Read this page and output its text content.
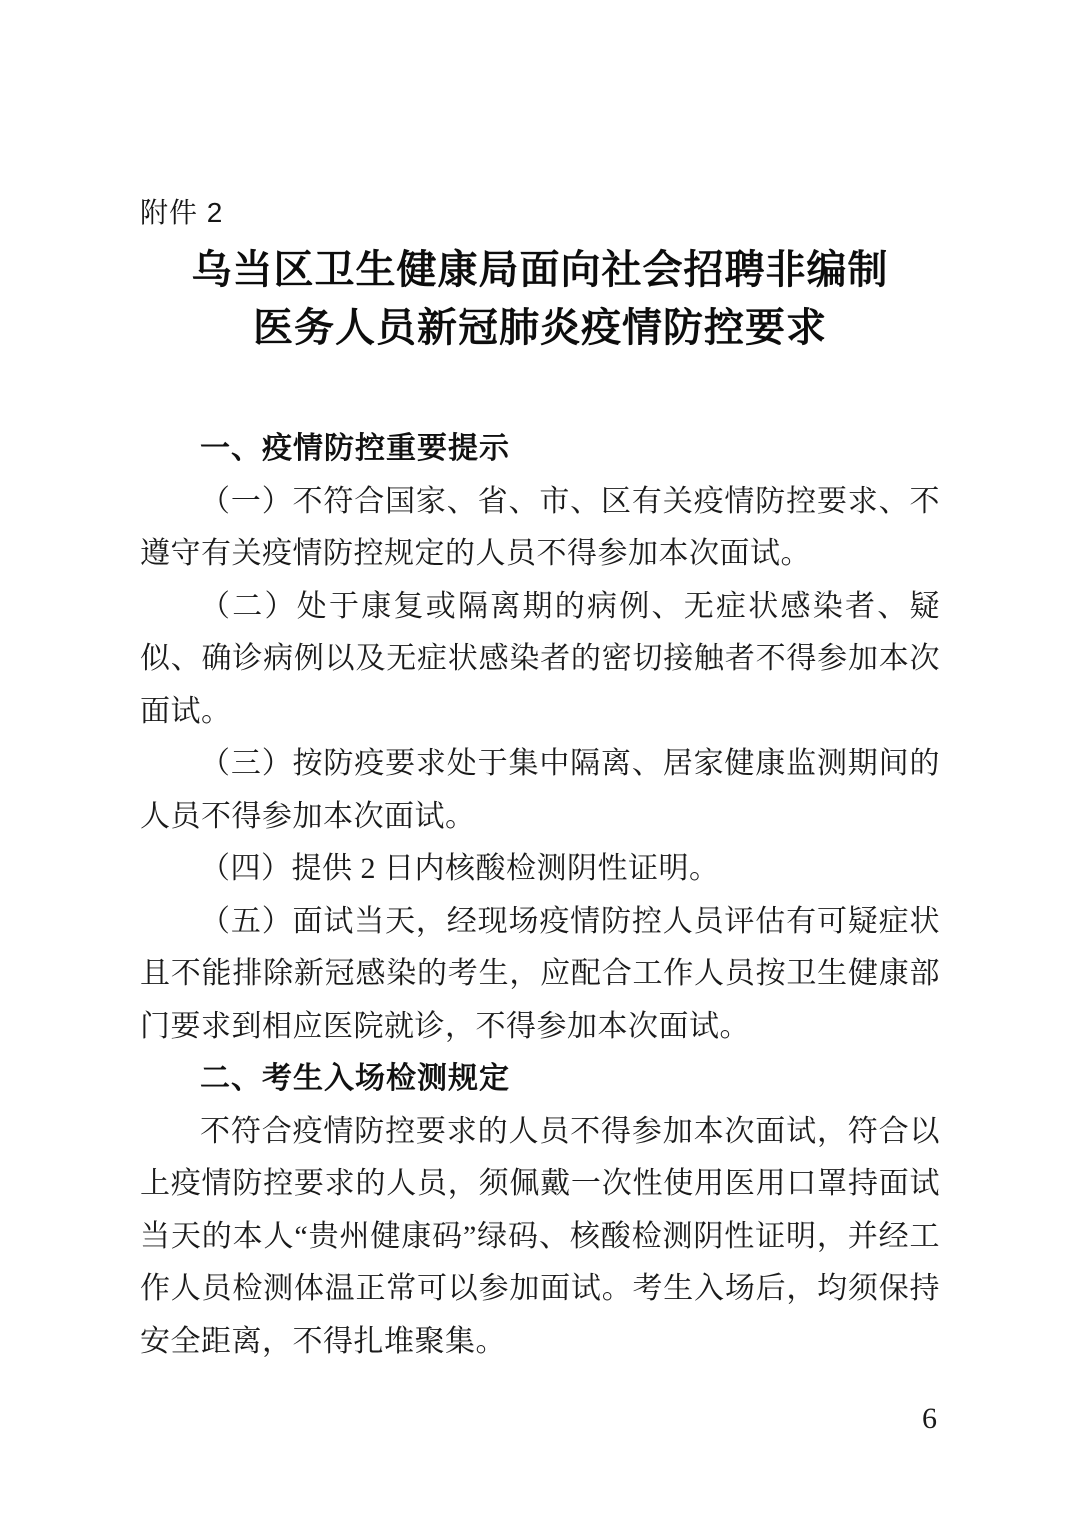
附件 2
乌当区卫生健康局面向社会招聘非编制
医务人员新冠肺炎疫情防控要求
一、疫情防控重要提示

（一）不符合国家、省、市、区有关疫情防控要求、不遵守有关疫情防控规定的人员不得参加本次面试。

（二）处于康复或隔离期的病例、无症状感染者、疑似、确诊病例以及无症状感染者的密切接触者不得参加本次面试。

（三）按防疫要求处于集中隔离、居家健康监测期间的人员不得参加本次面试。

（四）提供 2 日内核酸检测阴性证明。

（五）面试当天，经现场疫情防控人员评估有可疑症状且不能排除新冠感染的考生，应配合工作人员按卫生健康部门要求到相应医院就诊，不得参加本次面试。

二、考生入场检测规定

不符合疫情防控要求的人员不得参加本次面试，符合以上疫情防控要求的人员，须佩戴一次性使用医用口罩持面试当天的本人“贵州健康码”绿码、核酸检测阴性证明，并经工作人员检测体温正常可以参加面试。考生入场后，均须保持安全距离，不得扎堆聚集。

6
